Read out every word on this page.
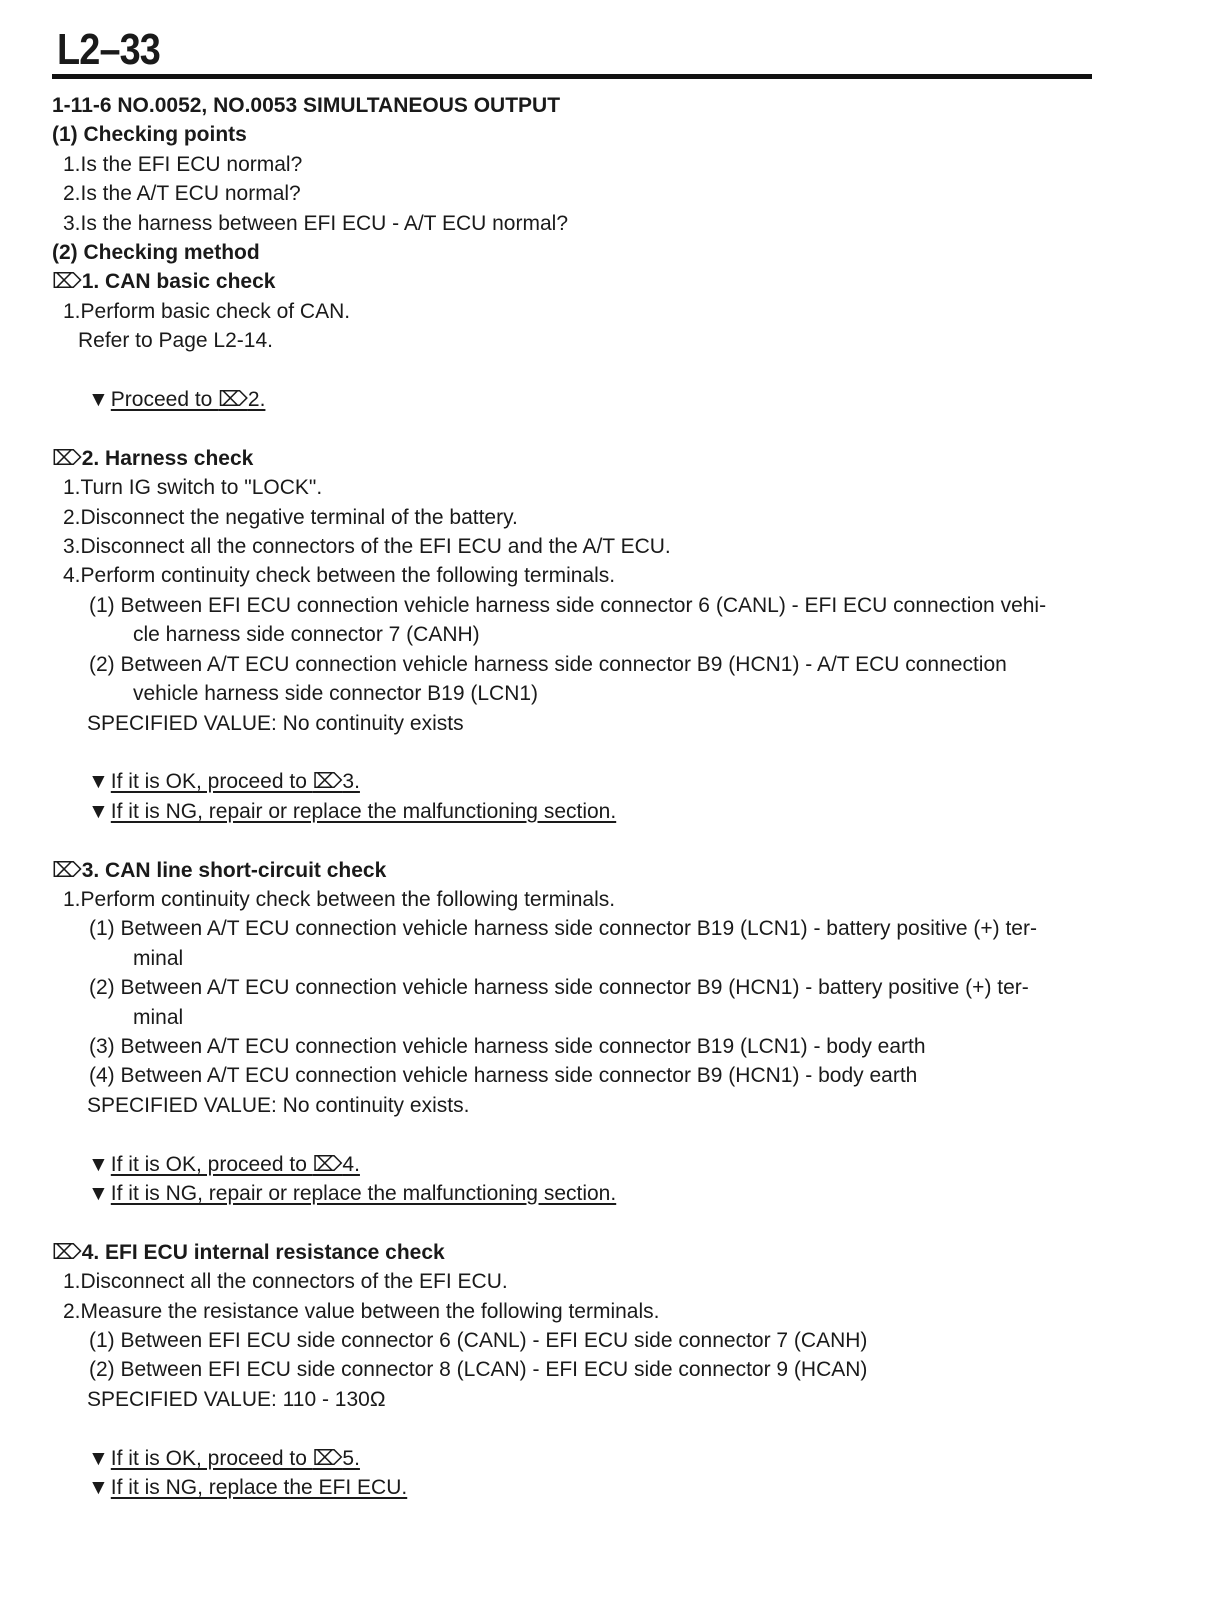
L2–33
1-11-6 NO.0052, NO.0053 SIMULTANEOUS OUTPUT
(1) Checking points
1.Is the EFI ECU normal?
2.Is the A/T ECU normal?
3.Is the harness between EFI ECU - A/T ECU normal?
(2) Checking method
⌦1. CAN basic check
1.Perform basic check of CAN.
Refer to Page L2-14.
▼Proceed to ⌦2.
⌦2. Harness check
1.Turn IG switch to "LOCK".
2.Disconnect the negative terminal of the battery.
3.Disconnect all the connectors of the EFI ECU and the A/T ECU.
4.Perform continuity check between the following terminals.
(1) Between EFI ECU connection vehicle harness side connector 6 (CANL) - EFI ECU connection vehi-
cle harness side connector 7 (CANH)
(2) Between A/T ECU connection vehicle harness side connector B9 (HCN1) - A/T ECU connection
vehicle harness side connector B19 (LCN1)
SPECIFIED VALUE: No continuity exists
▼If it is OK, proceed to ⌦3.
▼If it is NG, repair or replace the malfunctioning section.
⌦3. CAN line short-circuit check
1.Perform continuity check between the following terminals.
(1) Between A/T ECU connection vehicle harness side connector B19 (LCN1) - battery positive (+) ter-
minal
(2) Between A/T ECU connection vehicle harness side connector B9 (HCN1) - battery positive (+) ter-
minal
(3) Between A/T ECU connection vehicle harness side connector B19 (LCN1) - body earth
(4) Between A/T ECU connection vehicle harness side connector B9 (HCN1) - body earth
SPECIFIED VALUE: No continuity exists.
▼If it is OK, proceed to ⌦4.
▼If it is NG, repair or replace the malfunctioning section.
⌦4. EFI ECU internal resistance check
1.Disconnect all the connectors of the EFI ECU.
2.Measure the resistance value between the following terminals.
(1) Between EFI ECU side connector 6 (CANL) - EFI ECU side connector 7 (CANH)
(2) Between EFI ECU side connector 8 (LCAN) - EFI ECU side connector 9 (HCAN)
SPECIFIED VALUE: 110 - 130Ω
▼If it is OK, proceed to ⌦5.
▼If it is NG, replace the EFI ECU.
